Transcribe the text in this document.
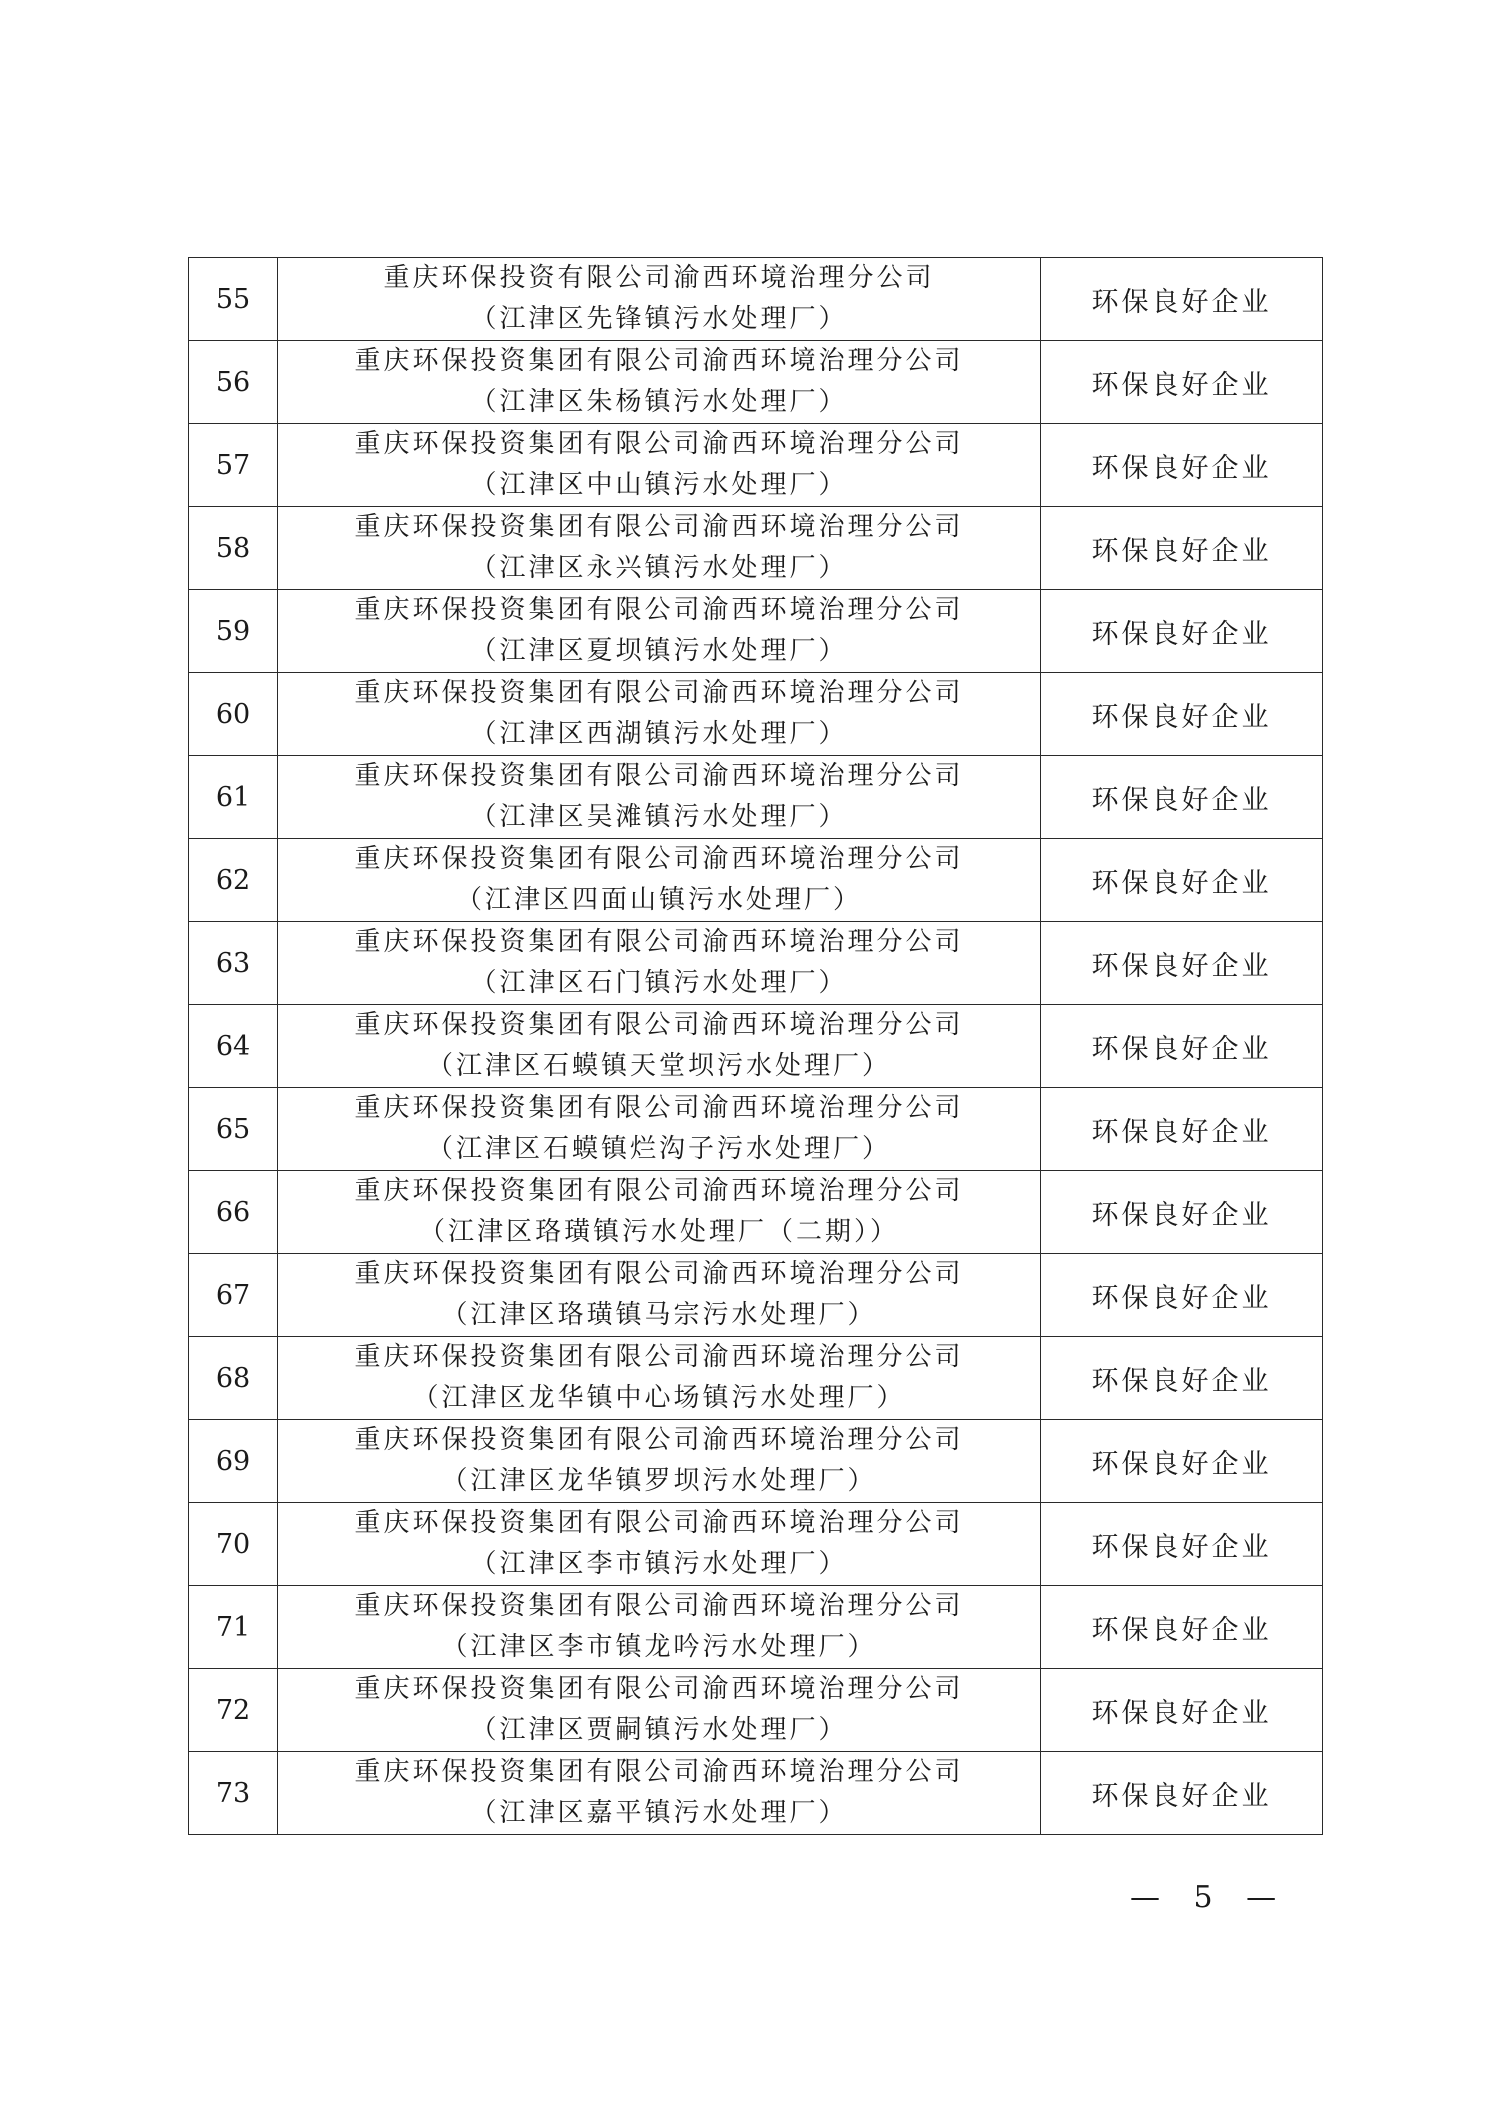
55	重庆环保投资有限公司渝西环境治理分公司
（江津区先锋镇污水处理厂）	环保良好企业
56	重庆环保投资集团有限公司渝西环境治理分公司
（江津区朱杨镇污水处理厂）	环保良好企业
57	重庆环保投资集团有限公司渝西环境治理分公司
（江津区中山镇污水处理厂）	环保良好企业
58	重庆环保投资集团有限公司渝西环境治理分公司
（江津区永兴镇污水处理厂）	环保良好企业
59	重庆环保投资集团有限公司渝西环境治理分公司
（江津区夏坝镇污水处理厂）	环保良好企业
60	重庆环保投资集团有限公司渝西环境治理分公司
（江津区西湖镇污水处理厂）	环保良好企业
61	重庆环保投资集团有限公司渝西环境治理分公司
（江津区吴滩镇污水处理厂）	环保良好企业
62	重庆环保投资集团有限公司渝西环境治理分公司
（江津区四面山镇污水处理厂）	环保良好企业
63	重庆环保投资集团有限公司渝西环境治理分公司
（江津区石门镇污水处理厂）	环保良好企业
64	重庆环保投资集团有限公司渝西环境治理分公司
（江津区石蟆镇天堂坝污水处理厂）	环保良好企业
65	重庆环保投资集团有限公司渝西环境治理分公司
（江津区石蟆镇烂沟子污水处理厂）	环保良好企业
66	重庆环保投资集团有限公司渝西环境治理分公司
（江津区珞璜镇污水处理厂（二期））	环保良好企业
67	重庆环保投资集团有限公司渝西环境治理分公司
（江津区珞璜镇马宗污水处理厂）	环保良好企业
68	重庆环保投资集团有限公司渝西环境治理分公司
（江津区龙华镇中心场镇污水处理厂）	环保良好企业
69	重庆环保投资集团有限公司渝西环境治理分公司
（江津区龙华镇罗坝污水处理厂）	环保良好企业
70	重庆环保投资集团有限公司渝西环境治理分公司
（江津区李市镇污水处理厂）	环保良好企业
71	重庆环保投资集团有限公司渝西环境治理分公司
（江津区李市镇龙吟污水处理厂）	环保良好企业
72	重庆环保投资集团有限公司渝西环境治理分公司
（江津区贾嗣镇污水处理厂）	环保良好企业
73	重庆环保投资集团有限公司渝西环境治理分公司
（江津区嘉平镇污水处理厂）	环保良好企业
— 5 —
